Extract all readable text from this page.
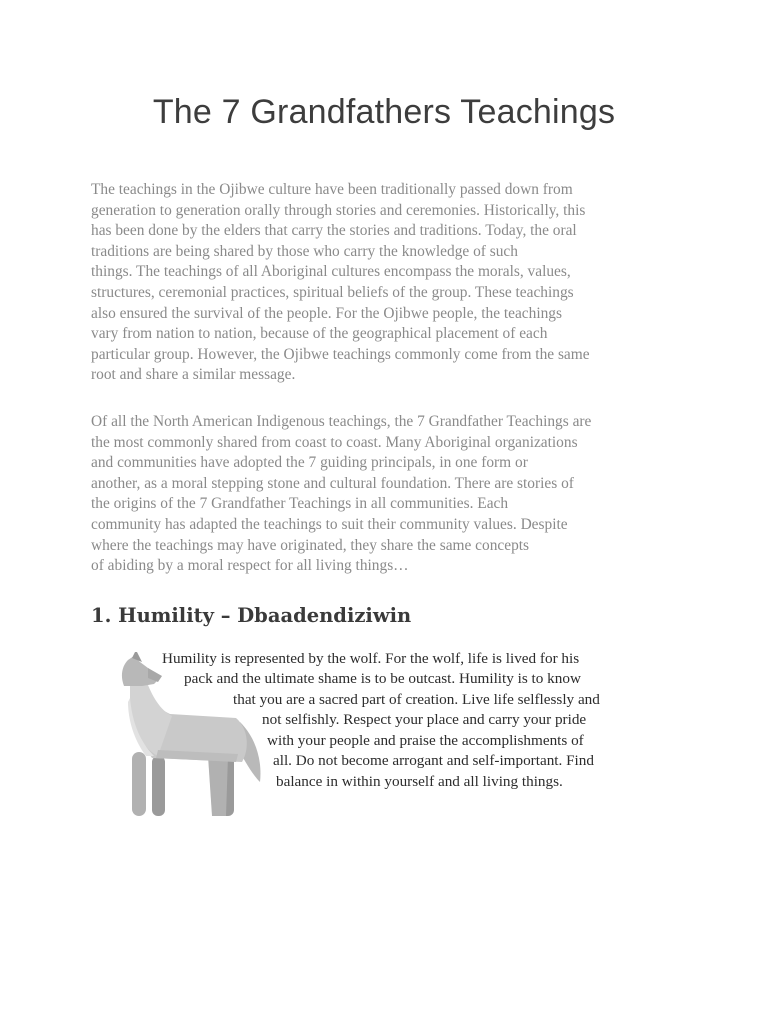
The 7 Grandfathers Teachings

The teachings in the Ojibwe culture have been traditionally passed down from
generation to generation orally through stories and ceremonies. Historically, this
has been done by the elders that carry the stories and traditions. Today, the oral
traditions are being shared by those who carry the knowledge of such
things. The teachings of all Aboriginal cultures encompass the morals, values,
structures, ceremonial practices, spiritual beliefs of the group. These teachings
also ensured the survival of the people. For the Ojibwe people, the teachings
vary from nation to nation, because of the geographical placement of each
particular group. However, the Ojibwe teachings commonly come from the same
root and share a similar message.

Of all the North American Indigenous teachings, the 7 Grandfather Teachings are
the most commonly shared from coast to coast. Many Aboriginal organizations
and communities have adopted the 7 guiding principals, in one form or
another, as a moral stepping stone and cultural foundation. There are stories of
the origins of the 7 Grandfather Teachings in all communities. Each
community has adapted the teachings to suit their community values. Despite
where the teachings may have originated, they share the same concepts
of abiding by a moral respect for all living things…

1. Humility – Dbaadendiziwin

Humility is represented by the wolf. For the wolf, life is lived for his

pack and the ultimate shame is to be outcast. Humility is to know

that you are a sacred part of creation. Live life selflessly and

not selfishly. Respect your place and carry your pride

with your people and praise the accomplishments of

all. Do not become arrogant and self-important. Find

balance in within yourself and all living things.
